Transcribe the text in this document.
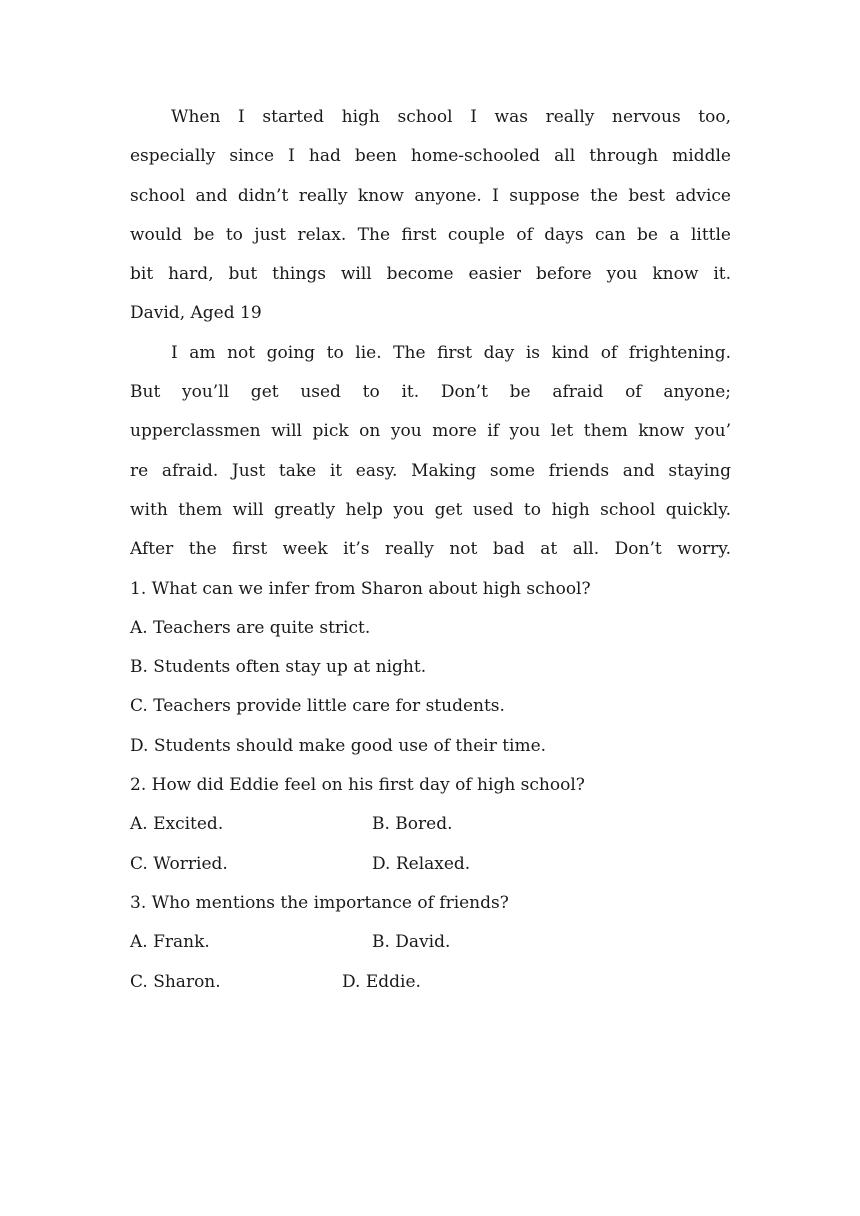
When I started high school I was really nervous too,
especially since I had been home-schooled all through middle
school and didn’t really know anyone. I suppose the best advice
would be to just relax. The first couple of days can be a little
bit hard, but things will become easier before you know it.
David, Aged 19
I am not going to lie. The first day is kind of frightening.
But you’ll get used to it. Don’t be afraid of anyone;
upperclassmen will pick on you more if you let them know you’
re afraid. Just take it easy. Making some friends and staying
with them will greatly help you get used to high school quickly.
After the first week it’s really not bad at all. Don’t worry.
1. What can we infer from Sharon about high school?
A. Teachers are quite strict.
B. Students often stay up at night.
C. Teachers provide little care for students.
D. Students should make good use of their time.
2. How did Eddie feel on his first day of high school?
A. Excited.	B. Bored.
C. Worried.	D. Relaxed.
3. Who mentions the importance of friends?
A. Frank.	B. David.
C. Sharon.	D. Eddie.
